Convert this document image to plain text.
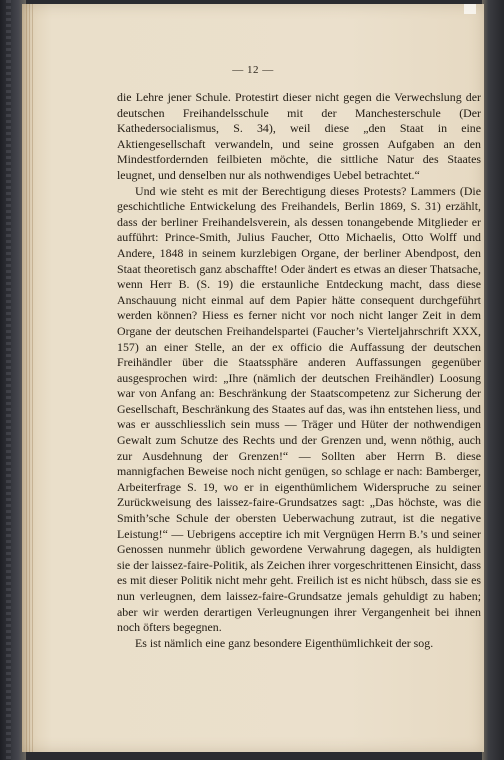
— 12 —

die Lehre jener Schule. Protestirt dieser nicht gegen die Verwechslung der deutschen Freihandelsschule mit der Manchesterschule (Der Kathedersocialismus, S. 34), weil diese „den Staat in eine Aktiengesellschaft verwandeln, und seine grossen Aufgaben an den Mindestfordernden feilbieten möchte, die sittliche Natur des Staates leugnet, und denselben nur als nothwendiges Uebel betrachtet.“

Und wie steht es mit der Berechtigung dieses Protests? Lammers (Die geschichtliche Entwickelung des Freihandels, Berlin 1869, S. 31) erzählt, dass der berliner Freihandelsverein, als dessen tonangebende Mitglieder er aufführt: Prince-Smith, Julius Faucher, Otto Michaelis, Otto Wolff und Andere, 1848 in seinem kurzlebigen Organe, der berliner Abendpost, den Staat theoretisch ganz abschaffte! Oder ändert es etwas an dieser Thatsache, wenn Herr B. (S. 19) die erstaunliche Entdeckung macht, dass diese Anschauung nicht einmal auf dem Papier hätte consequent durchgeführt werden können? Hiess es ferner nicht vor noch nicht langer Zeit in dem Organe der deutschen Freihandelspartei (Faucher’s Vierteljahrschrift XXX, 157) an einer Stelle, an der ex officio die Auffassung der deutschen Freihändler über die Staatssphäre anderen Auffassungen gegenüber ausgesprochen wird: „Ihre (nämlich der deutschen Freihändler) Loosung war von Anfang an: Beschränkung der Staatscompetenz zur Sicherung der Gesellschaft, Beschränkung des Staates auf das, was ihn entstehen liess, und was er ausschliesslich sein muss — Träger und Hüter der nothwendigen Gewalt zum Schutze des Rechts und der Grenzen und, wenn nöthig, auch zur Ausdehnung der Grenzen!“ — Sollten aber Herrn B. diese mannigfachen Beweise noch nicht genügen, so schlage er nach: Bamberger, Arbeiterfrage S. 19, wo er in eigenthümlichem Widerspruche zu seiner Zurückweisung des laissez-faire-Grundsatzes sagt: „Das höchste, was die Smith’sche Schule der obersten Ueberwachung zutraut, ist die negative Leistung!“ — Uebrigens acceptire ich mit Vergnügen Herrn B.’s und seiner Genossen nunmehr üblich gewordene Verwahrung dagegen, als huldigten sie der laissez-faire-Politik, als Zeichen ihrer vorgeschrittenen Einsicht, dass es mit dieser Politik nicht mehr geht. Freilich ist es nicht hübsch, dass sie es nun verleugnen, dem laissez-faire-Grundsatze jemals gehuldigt zu haben; aber wir werden derartigen Verleugnungen ihrer Vergangenheit bei ihnen noch öfters begegnen.

Es ist nämlich eine ganz besondere Eigenthümlichkeit der sog.
